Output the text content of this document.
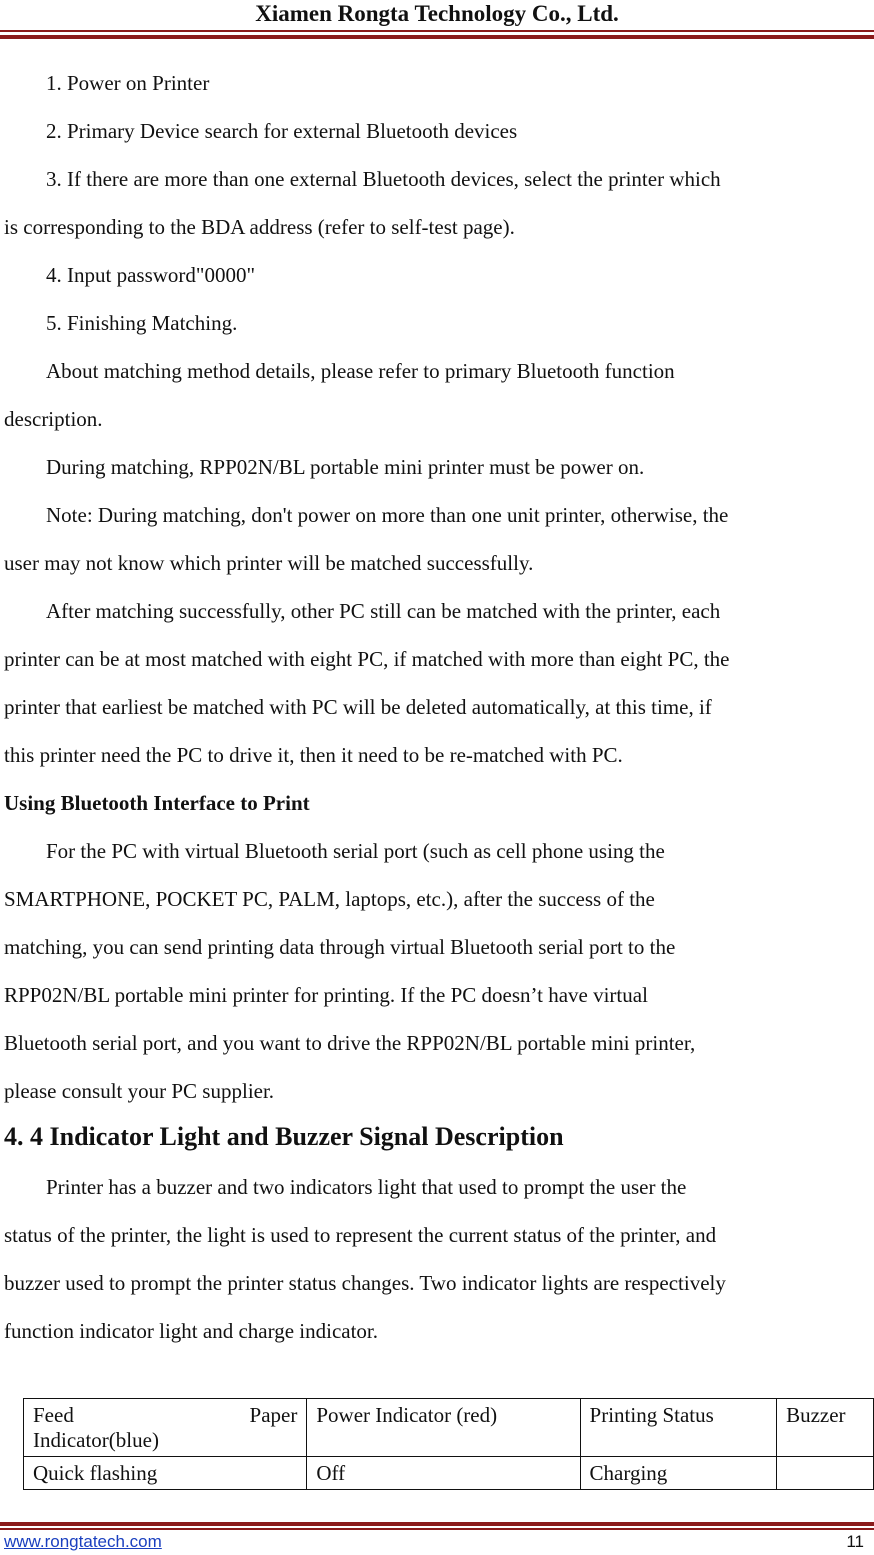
Xiamen Rongta Technology Co., Ltd.
1. Power on Printer
2. Primary Device search for external Bluetooth devices
3. If there are more than one external Bluetooth devices, select the printer which
is corresponding to the BDA address (refer to self-test page).
4. Input password"0000"
5. Finishing Matching.
About matching method details, please refer to primary Bluetooth function
description.
During matching, RPP02N/BL portable mini printer must be power on.
Note: During matching, don't power on more than one unit printer, otherwise, the
user may not know which printer will be matched successfully.
After matching successfully, other PC still can be matched with the printer, each
printer can be at most matched with eight PC, if matched with more than eight PC, the
printer that earliest be matched with PC will be deleted automatically, at this time, if
this printer need the PC to drive it, then it need to be re-matched with PC.
Using Bluetooth Interface to Print
For the PC with virtual Bluetooth serial port (such as cell phone using the
SMARTPHONE, POCKET PC, PALM, laptops, etc.), after the success of the
matching, you can send printing data through virtual Bluetooth serial port to the
RPP02N/BL portable mini printer for printing. If the PC doesn’t have virtual
Bluetooth serial port, and you want to drive the RPP02N/BL portable mini printer,
please consult your PC supplier.
4. 4 Indicator Light and Buzzer Signal Description
Printer has a buzzer and two indicators light that used to prompt the user the
status of the printer, the light is used to represent the current status of the printer, and
buzzer used to prompt the printer status changes. Two indicator lights are respectively
function indicator light and charge indicator.
Feed Paper
Indicator(blue)	Power Indicator (red)	Printing Status	Buzzer
Quick flashing	Off	Charging	
www.rongtatech.com	11
